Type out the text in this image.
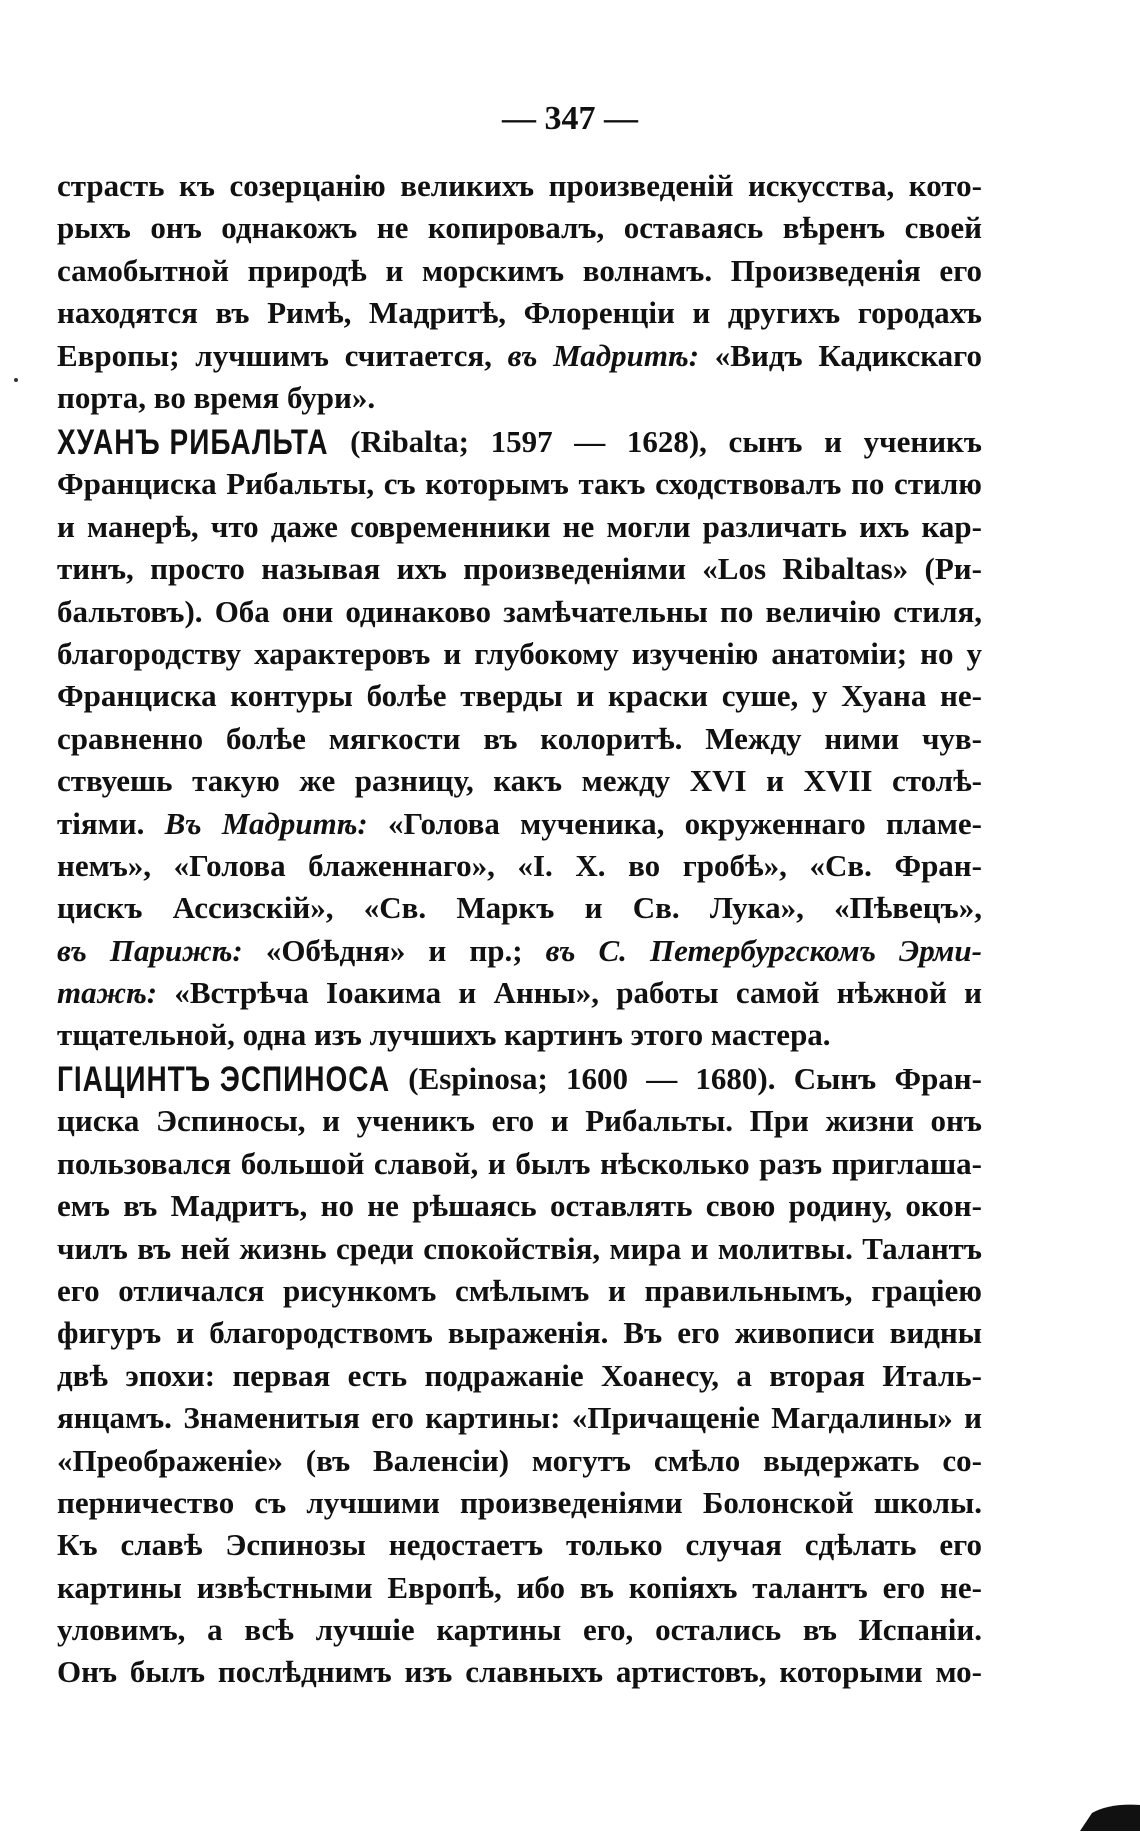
— 347 —
страсть къ созерцанію великихъ произведеній искусства, кото-
рыхъ онъ однакожъ не копировалъ, оставаясь вѣренъ своей
самобытной природѣ и морскимъ волнамъ. Произведенія его
находятся въ Римѣ, Мадритѣ, Флоренціи и другихъ городахъ
Европы; лучшимъ считается, въ Мадритѣ: «Видъ Кадикскаго
порта, во время бури».
ХУАНЪ РИБАЛЬТА (Ribalta; 1597 — 1628), сынъ и ученикъ
Франциска Рибальты, съ которымъ такъ сходствовалъ по стилю
и манерѣ, что даже современники не могли различать ихъ кар-
тинъ, просто называя ихъ произведеніями «Los Ribaltas» (Ри-
бальтовъ). Оба они одинаково замѣчательны по величію стиля,
благородству характеровъ и глубокому изученію анатоміи; но у
Франциска контуры болѣе тверды и краски суше, у Хуана не-
сравненно болѣе мягкости въ колоритѣ. Между ними чув-
ствуешь такую же разницу, какъ между XVI и XVII столѣ-
тіями. Въ Мадритѣ: «Голова мученика, окруженнаго пламе-
немъ», «Голова блаженнаго», «I. X. во гробѣ», «Св. Фран-
цискъ Ассизскій», «Св. Маркъ и Св. Лука», «Пѣвецъ»,
въ Парижѣ: «Обѣдня» и пр.; въ С. Петербургскомъ Эрми-
тажѣ: «Встрѣча Іоакима и Анны», работы самой нѣжной и
тщательной, одна изъ лучшихъ картинъ этого мастера.
ГІАЦИНТЪ ЭСПИНОСА (Espinosa; 1600 — 1680). Сынъ Фран-
циска Эспиносы, и ученикъ его и Рибальты. При жизни онъ
пользовался большой славой, и былъ нѣсколько разъ приглаша-
емъ въ Мадритъ, но не рѣшаясь оставлять свою родину, окон-
чилъ въ ней жизнь среди спокойствія, мира и молитвы. Талантъ
его отличался рисункомъ смѣлымъ и правильнымъ, граціею
фигуръ и благородствомъ выраженія. Въ его живописи видны
двѣ эпохи: первая есть подражаніе Хоанесу, а вторая Италь-
янцамъ. Знаменитыя его картины: «Причащеніе Магдалины» и
«Преображеніе» (въ Валенсіи) могутъ смѣло выдержать со-
перничество съ лучшими произведеніями Болонской школы.
Къ славѣ Эспинозы недостаетъ только случая сдѣлать его
картины извѣстными Европѣ, ибо въ копіяхъ талантъ его не-
уловимъ, а всѣ лучшіе картины его, остались въ Испаніи.
Онъ былъ послѣднимъ изъ славныхъ артистовъ, которыми мо-
